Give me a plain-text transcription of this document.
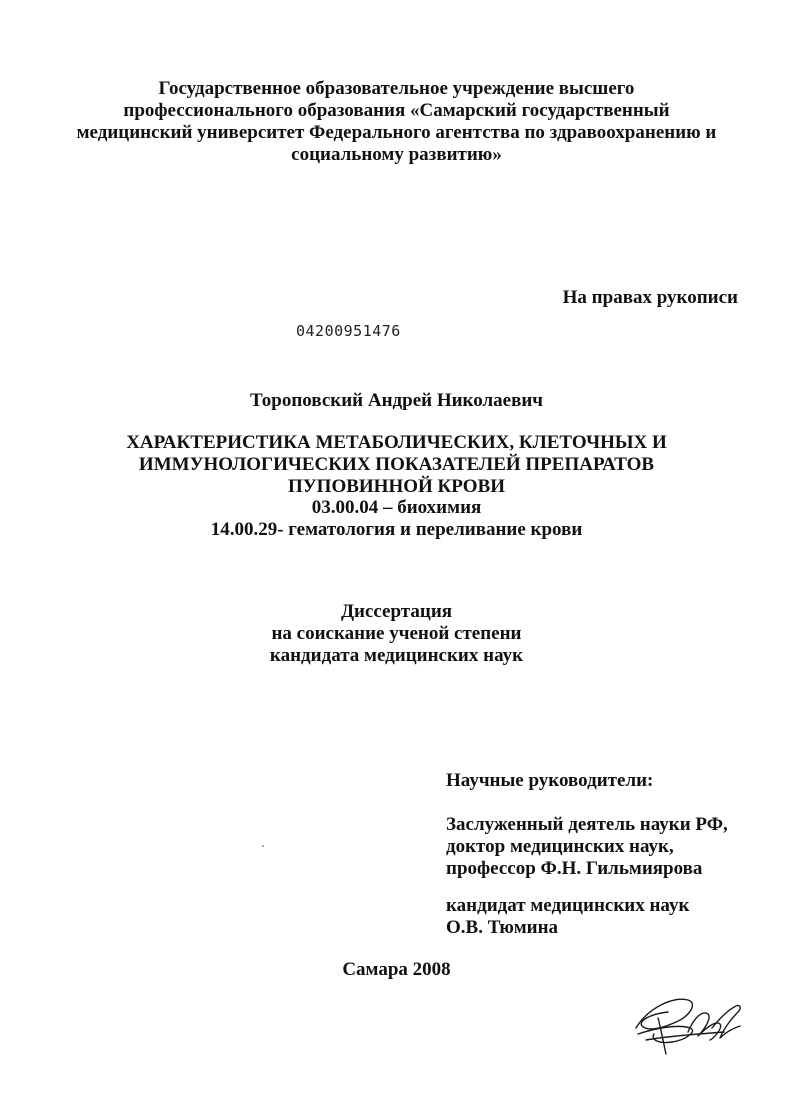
Государственное образовательное учреждение высшего
профессионального образования «Самарский государственный
медицинский университет Федерального агентства по здравоохранению и
социальному развитию»
На правах рукописи
04200951476
Тороповский Андрей Николаевич
ХАРАКТЕРИСТИКА МЕТАБОЛИЧЕСКИХ, КЛЕТОЧНЫХ И
ИММУНОЛОГИЧЕСКИХ ПОКАЗАТЕЛЕЙ ПРЕПАРАТОВ
ПУПОВИННОЙ КРОВИ
03.00.04 – биохимия
14.00.29- гематология и переливание крови
Диссертация
на соискание ученой степени
кандидата медицинских наук
Научные руководители:
Заслуженный деятель науки РФ,
доктор медицинских наук,
профессор Ф.Н. Гильмиярова
кандидат медицинских наук
О.В. Тюмина
Самара 2008
